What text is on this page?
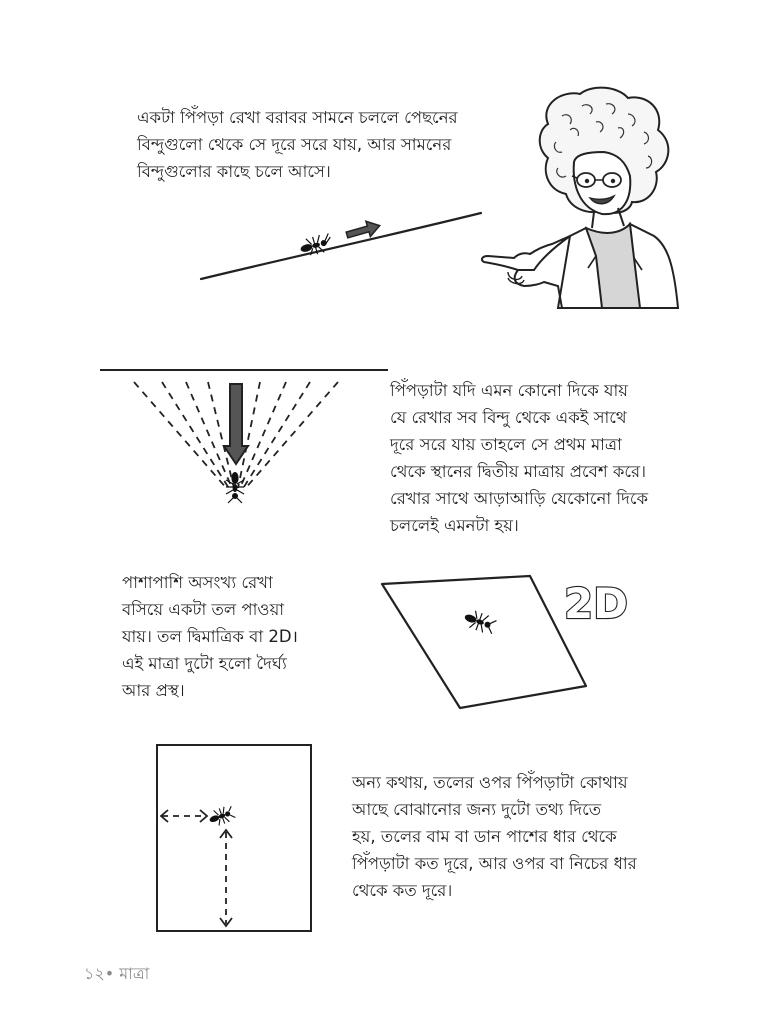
একটা পিঁপড়া রেখা বরাবর সামনে চললে পেছনের
বিন্দুগুলো থেকে সে দূরে সরে যায়, আর সামনের
বিন্দুগুলোর কাছে চলে আসে।
পিঁপড়াটা যদি এমন কোনো দিকে যায়
যে রেখার সব বিন্দু থেকে একই সাথে
দূরে সরে যায় তাহলে সে প্রথম মাত্রা
থেকে স্থানের দ্বিতীয় মাত্রায় প্রবেশ করে।
রেখার সাথে আড়াআড়ি যেকোনো দিকে
চললেই এমনটা হয়।
পাশাপাশি অসংখ্য রেখা
বসিয়ে একটা তল পাওয়া
যায়। তল দ্বিমাত্রিক বা 2D।
এই মাত্রা দুটো হলো দৈর্ঘ্য
আর প্রস্থ।
2D
অন্য কথায়, তলের ওপর পিঁপড়াটা কোথায়
আছে বোঝানোর জন্য দুটো তথ্য দিতে
হয়, তলের বাম বা ডান পাশের ধার থেকে
পিঁপড়াটা কত দূরে, আর ওপর বা নিচের ধার
থেকে কত দূরে।
১২• মাত্রা
